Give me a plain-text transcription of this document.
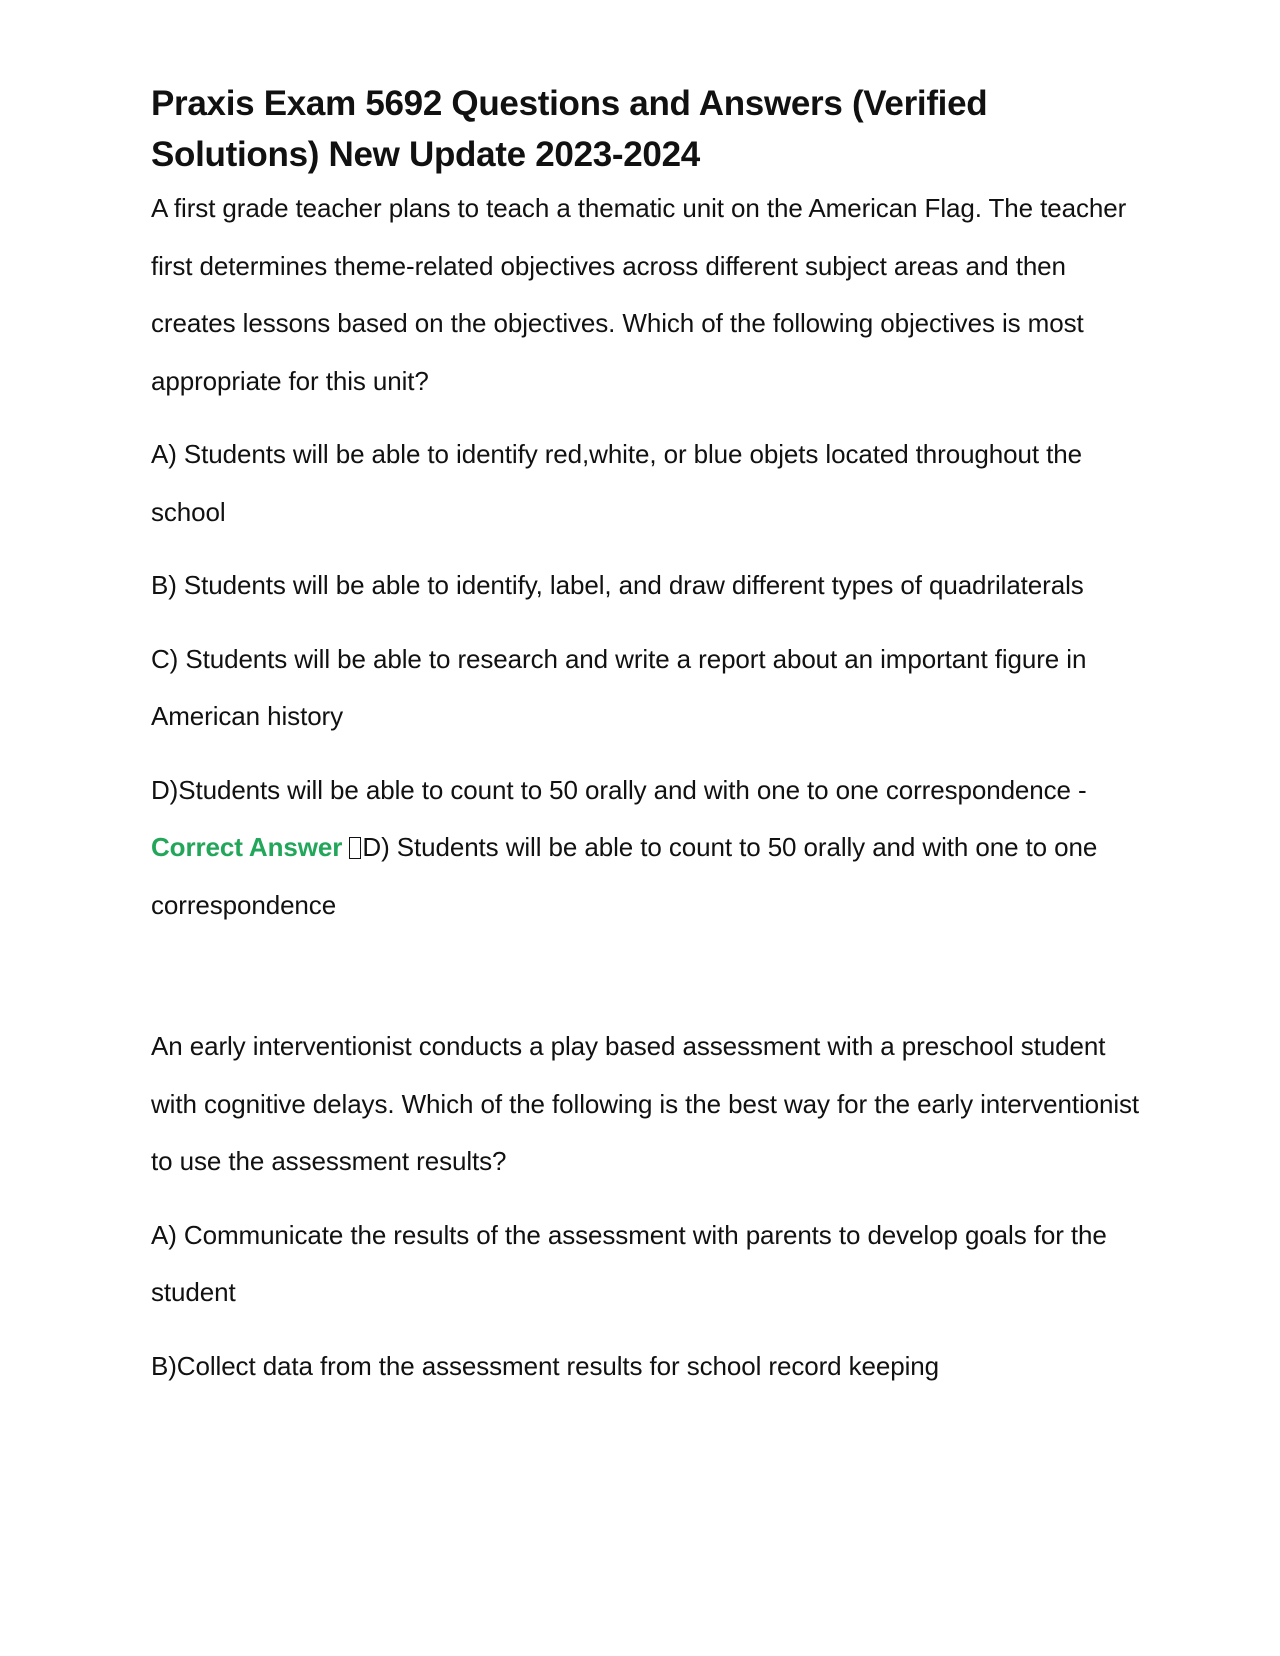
Praxis Exam 5692 Questions and Answers (Verified Solutions) New Update 2023-2024

A first grade teacher plans to teach a thematic unit on the American Flag. The teacher first determines theme-related objectives across different subject areas and then creates lessons based on the objectives. Which of the following objectives is most appropriate for this unit?

A) Students will be able to identify red,white, or blue objets located throughout the school

B) Students will be able to identify, label, and draw different types of quadrilaterals

C) Students will be able to research and write a report about an important figure in American history

D)Students will be able to count to 50 orally and with one to one correspondence - Correct Answer D) Students will be able to count to 50 orally and with one to one correspondence

An early interventionist conducts a play based assessment with a preschool student with cognitive delays. Which of the following is the best way for the early interventionist to use the assessment results?

A) Communicate the results of the assessment with parents to develop goals for the student

B)Collect data from the assessment results for school record keeping
